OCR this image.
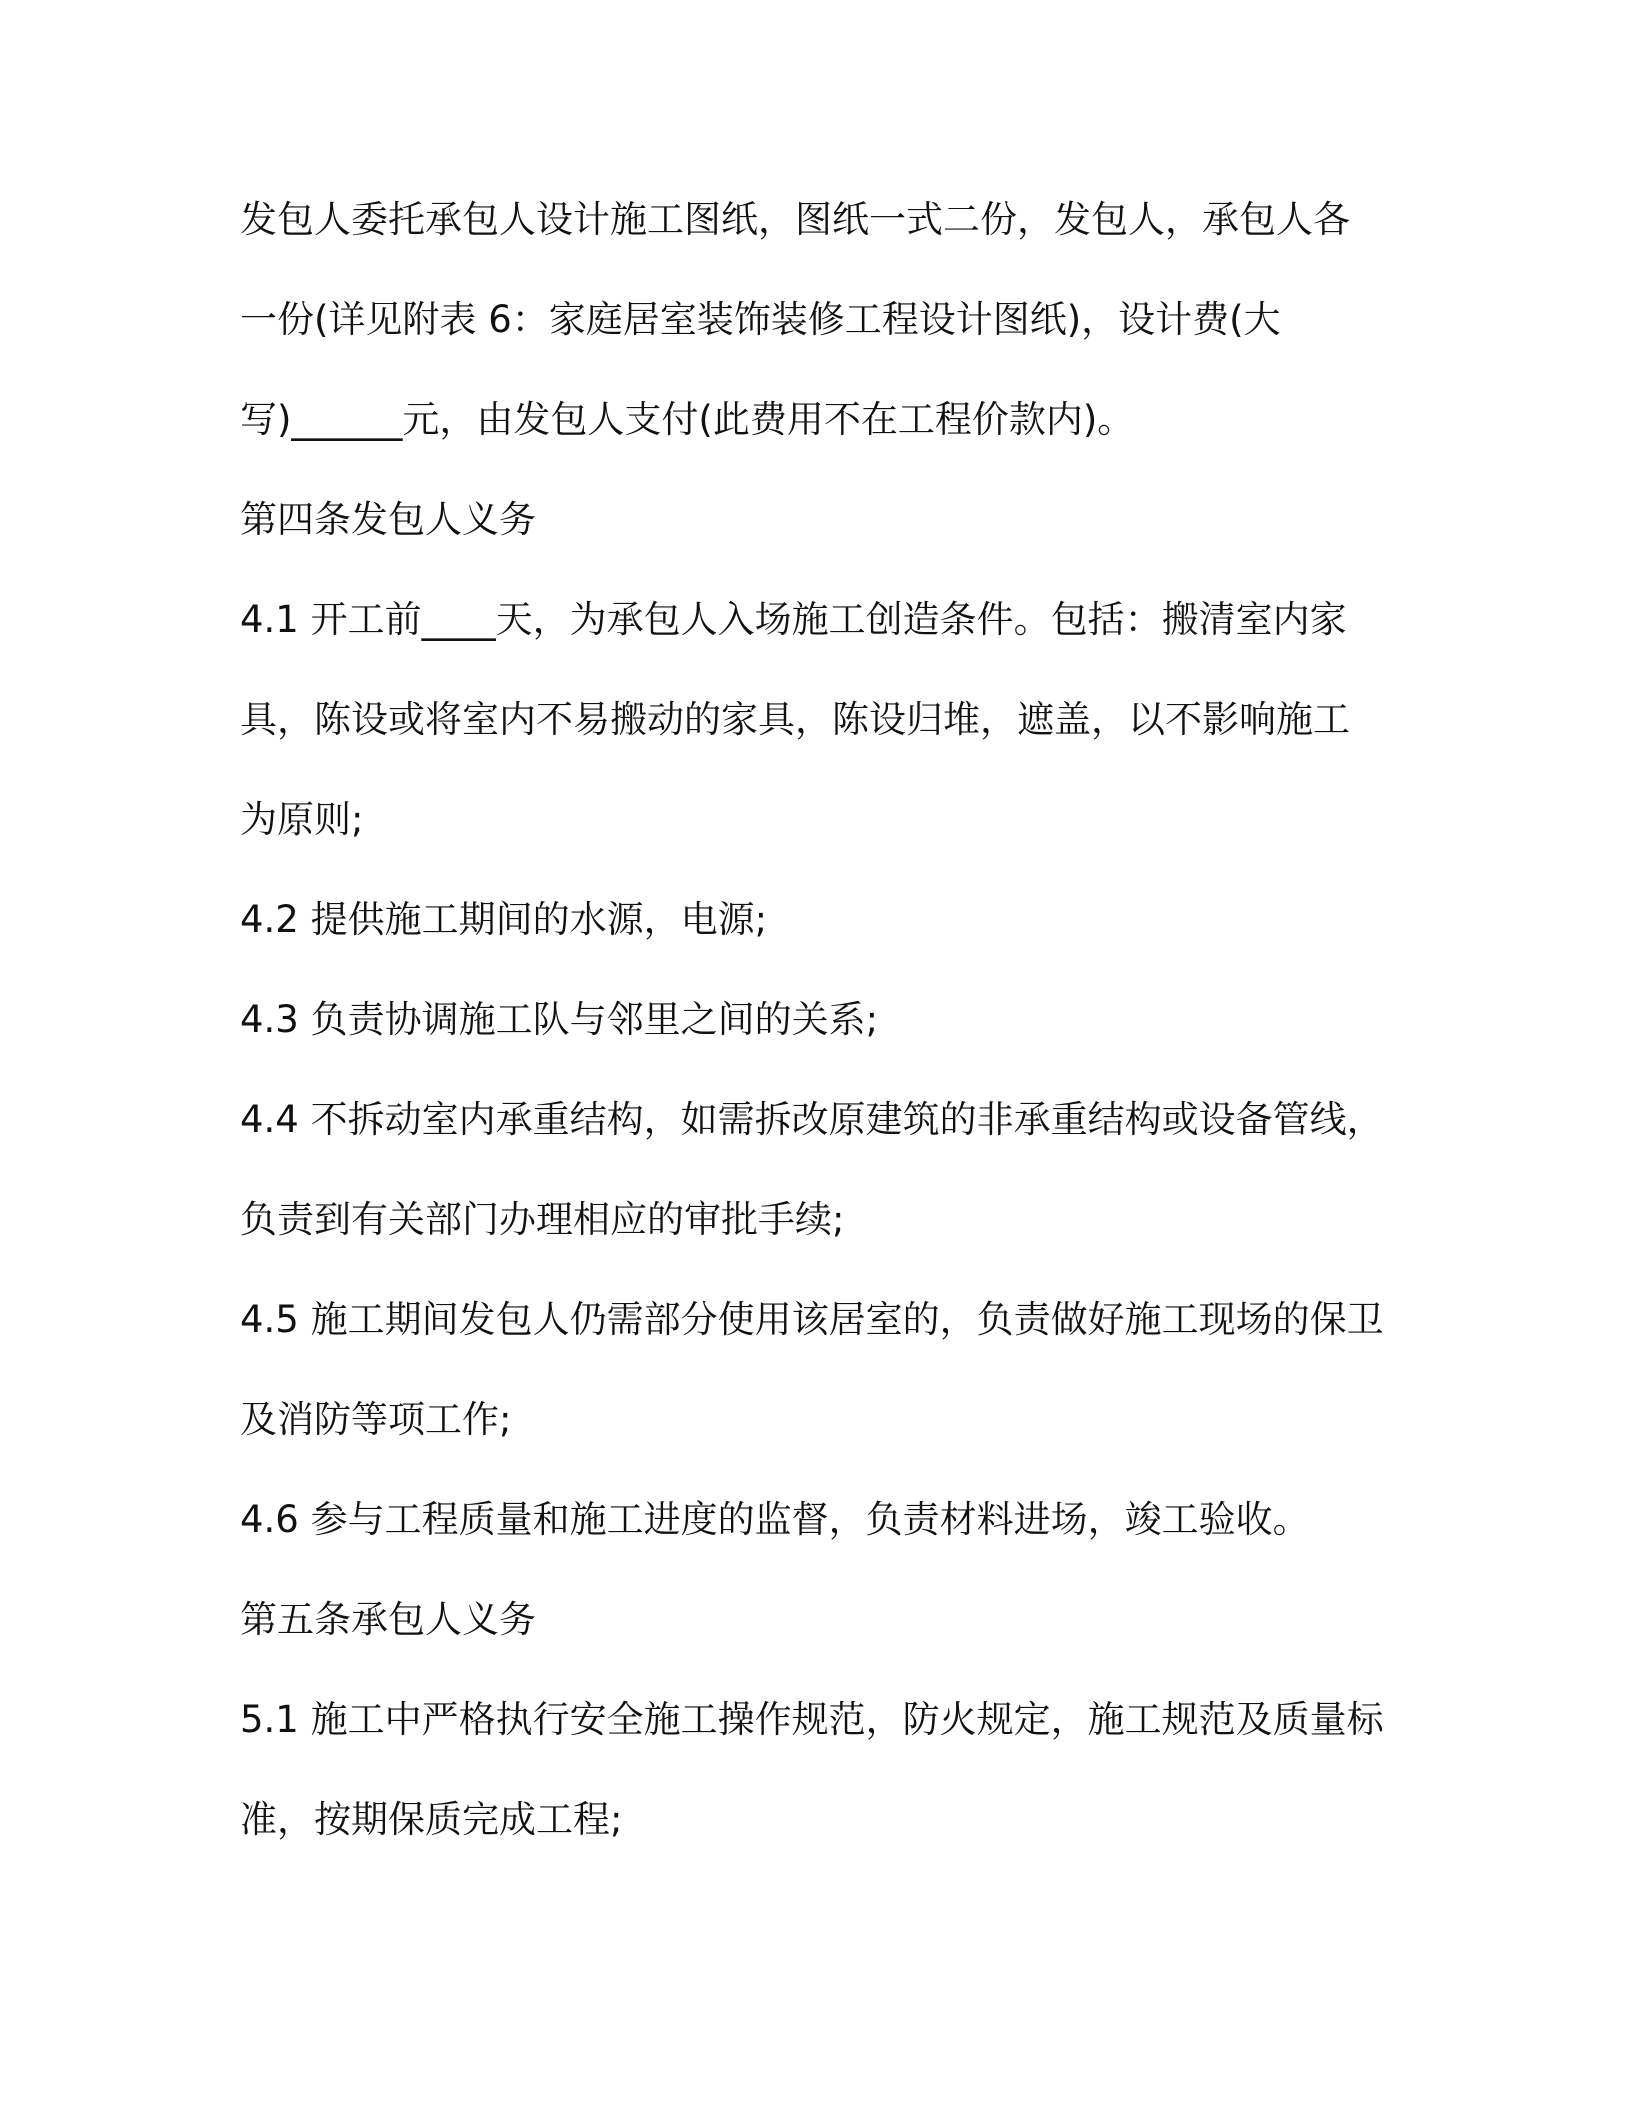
发包人委托承包人设计施工图纸，图纸一式二份，发包人，承包人各
一份(详见附表 6：家庭居室装饰装修工程设计图纸)，设计费(大
写)______元，由发包人支付(此费用不在工程价款内)。
第四条发包人义务
4.1 开工前____天，为承包人入场施工创造条件。包括：搬清室内家
具，陈设或将室内不易搬动的家具，陈设归堆，遮盖，以不影响施工
为原则;
4.2 提供施工期间的水源，电源;
4.3 负责协调施工队与邻里之间的关系;
4.4 不拆动室内承重结构，如需拆改原建筑的非承重结构或设备管线，
负责到有关部门办理相应的审批手续;
4.5 施工期间发包人仍需部分使用该居室的，负责做好施工现场的保卫
及消防等项工作;
4.6 参与工程质量和施工进度的监督，负责材料进场，竣工验收。
第五条承包人义务
5.1 施工中严格执行安全施工操作规范，防火规定，施工规范及质量标
准，按期保质完成工程;
